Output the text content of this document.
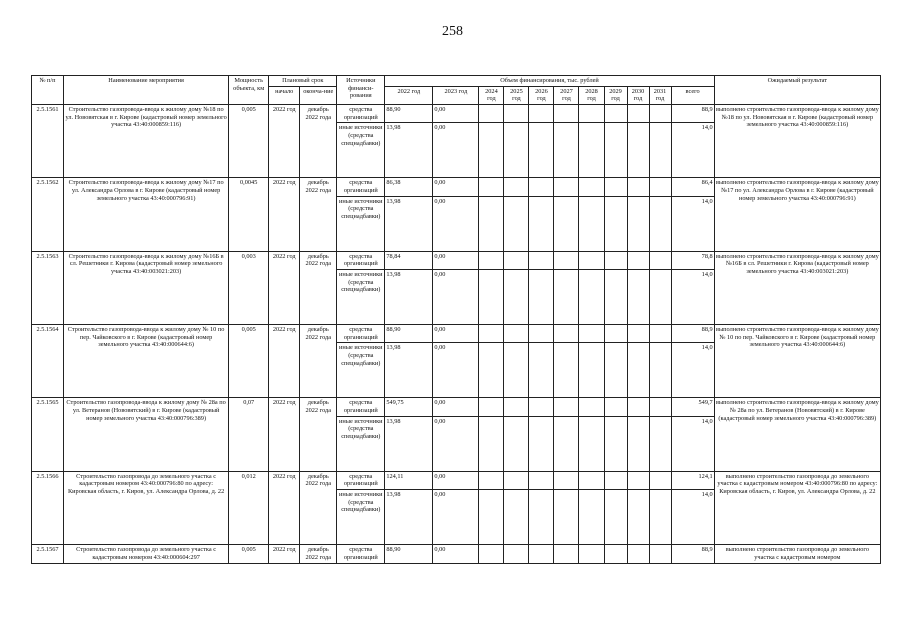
258
№ п/п	Наименование мероприятия	Мощность объекта, км	Плановый срок		Источники финанси-рования	Объем финансирования, тыс. рублей											Ожидаемый результат
			начало	оконча-ние		2022 год	2023 год	2024 год	2025 год	2026 год	2027 год	2028 год	2029 год	2030 год	2031 год	всего	
2.5.1561	Строительство газопровода-ввода к жилому дому №18 по ул. Нововятская в г. Кирове (кадастровый номер земельного участка 43:40:000859:116)	0,005	2022 год	декабрь 2022 года	средства организаций	88,90	0,00									88,9	выполнено строительство газопровода-ввода к жилому дому №18 по ул. Нововятская в г. Кирове (кадастровый номер земельного участка 43:40:000859:116)
					иные источники (средства спецнадбавки)	13,98	0,00									14,0	
2.5.1562	Строительство газопровода-ввода к жилому дому №17 по ул. Александра Орлова в г. Кирове (кадастровый номер земельного участка 43:40:000796:91)	0,0045	2022 год	декабрь 2022 года	средства организаций	86,38	0,00									86,4	выполнено строительство газопровода-ввода к жилому дому №17 по ул. Александра Орлова в г. Кирове (кадастровый номер земельного участка 43:40:000796:91)
					иные источники (средства спецнадбавки)	13,98	0,00									14,0	
2.5.1563	Строительство газопровода-ввода к жилому дому №16Б в сл. Решетники г. Кирова (кадастровый номер земельного участка 43:40:003021:203)	0,003	2022 год	декабрь 2022 года	средства организаций	78,84	0,00									78,8	выполнено строительство газопровода-ввода к жилому дому №16Б в сл. Решетники г. Кирова (кадастровый номер земельного участка 43:40:003021:203)
					иные источники (средства спецнадбавки)	13,98	0,00									14,0	
2.5.1564	Строительство газопровода-ввода к жилому дому № 10 по пер. Чайковского в г. Кирове (кадастровый номер земельного участка 43:40:000644:6)	0,005	2022 год	декабрь 2022 года	средства организаций	88,90	0,00									88,9	выполнено строительство газопровода-ввода к жилому дому № 10 по пер. Чайковского в г. Кирове (кадастровый номер земельного участка 43:40:000644:6)
					иные источники (средства спецнадбавки)	13,98	0,00									14,0	
2.5.1565	Строительство газопровода-ввода к жилому дому № 28а по ул. Ветеранов (Нововятский) в г. Кирове (кадастровый номер земельного участка 43:40:000796:389)	0,07	2022 год	декабрь 2022 года	средства организаций	549,75	0,00									549,7	выполнено строительство газопровода-ввода к жилому дому № 28а по ул. Ветеранов (Нововятский) в г. Кирове (кадастровый номер земельного участка 43:40:000796:389)
					иные источники (средства спецнадбавки)	13,98	0,00									14,0	
2.5.1566	Строительство газопровода до земельного участка с кадастровым номером 43:40:000796:80 по адресу: Кировская область, г. Киров, ул. Александра Орлова, д. 22	0,012	2022 год	декабрь 2022 года	средства организаций	124,11	0,00									124,1	выполнено строительство газопровода до земельного участка с кадастровым номером 43:40:000796:80 по адресу: Кировская область, г. Киров, ул. Александра Орлова, д. 22
					иные источники (средства спецнадбавки)	13,98	0,00									14,0	
2.5.1567	Строительство газопровода до земельного участка с кадастровым номером 43:40:000604:297	0,005	2022 год	декабрь 2022 года	средства организаций	88,90	0,00									88,9	выполнено строительство газопровода до земельного участка с кадастровым номером
